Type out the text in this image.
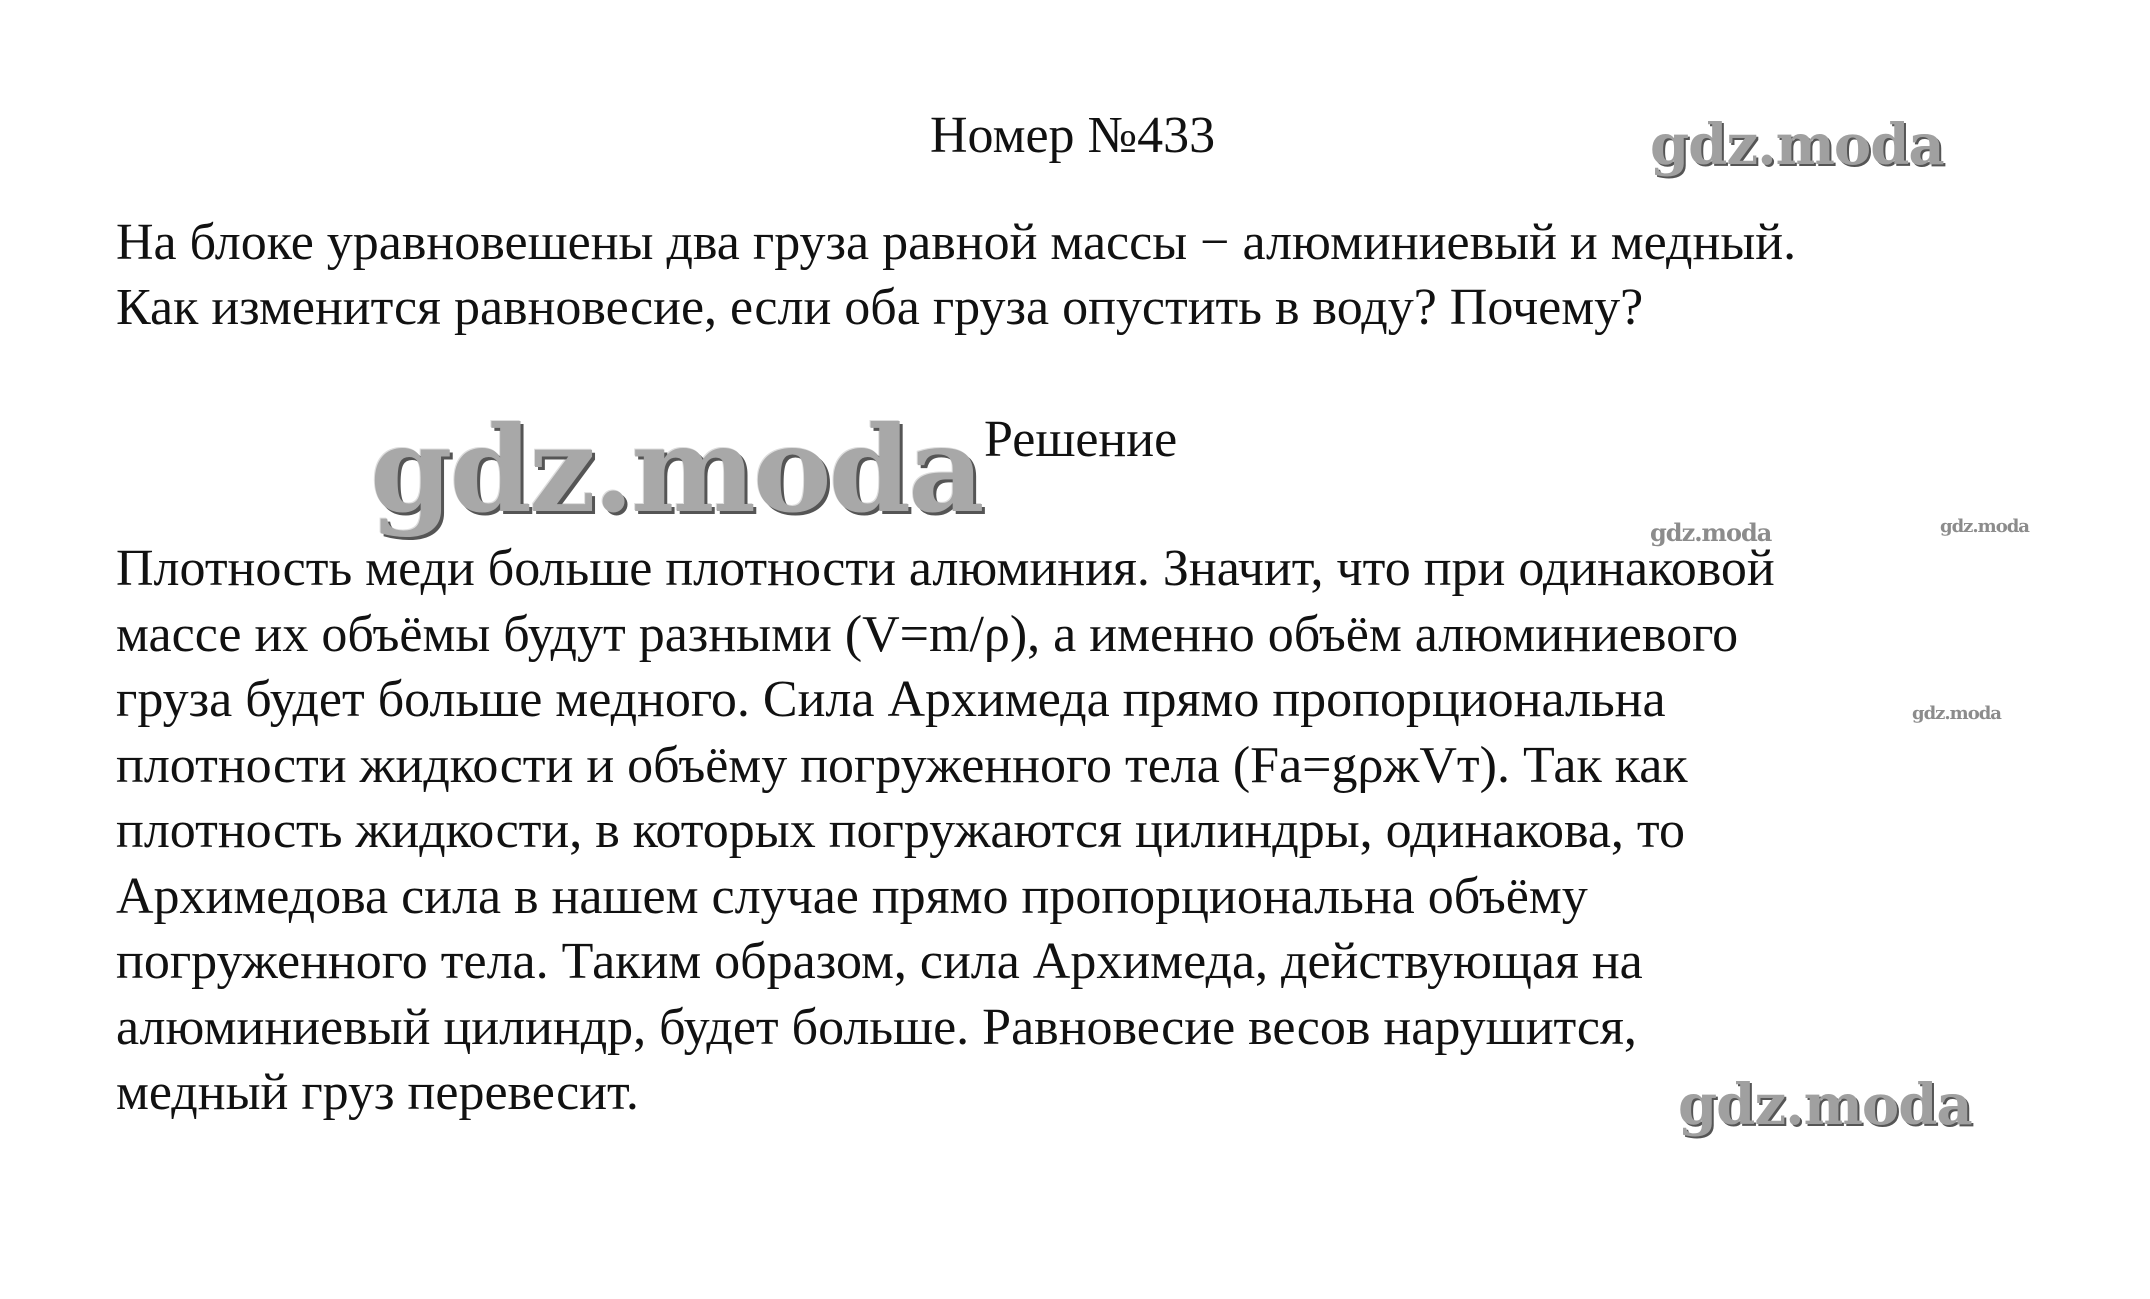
Номер №433	gdz.moda
На блоке уравновешены два груза равной массы − алюминиевый и медный.
Как изменится равновесие, если оба груза опустить в воду? Почему?
gdz.moda Решение
gdz.moda	gdz.moda
gdz.moda
Плотность меди больше плотности алюминия. Значит, что при одинаковой
массе их объёмы будут разными (V=m/ρ), а именно объём алюминиевого
груза будет больше медного. Сила Архимеда прямо пропорциональна
плотности жидкости и объёму погруженного тела (Fa=gρжVт). Так как
плотность жидкости, в которых погружаются цилиндры, одинакова, то
Архимедова сила в нашем случае прямо пропорциональна объёму
погруженного тела. Таким образом, сила Архимеда, действующая на
алюминиевый цилиндр, будет больше. Равновесие весов нарушится,
медный груз перевесит.	gdz.moda
